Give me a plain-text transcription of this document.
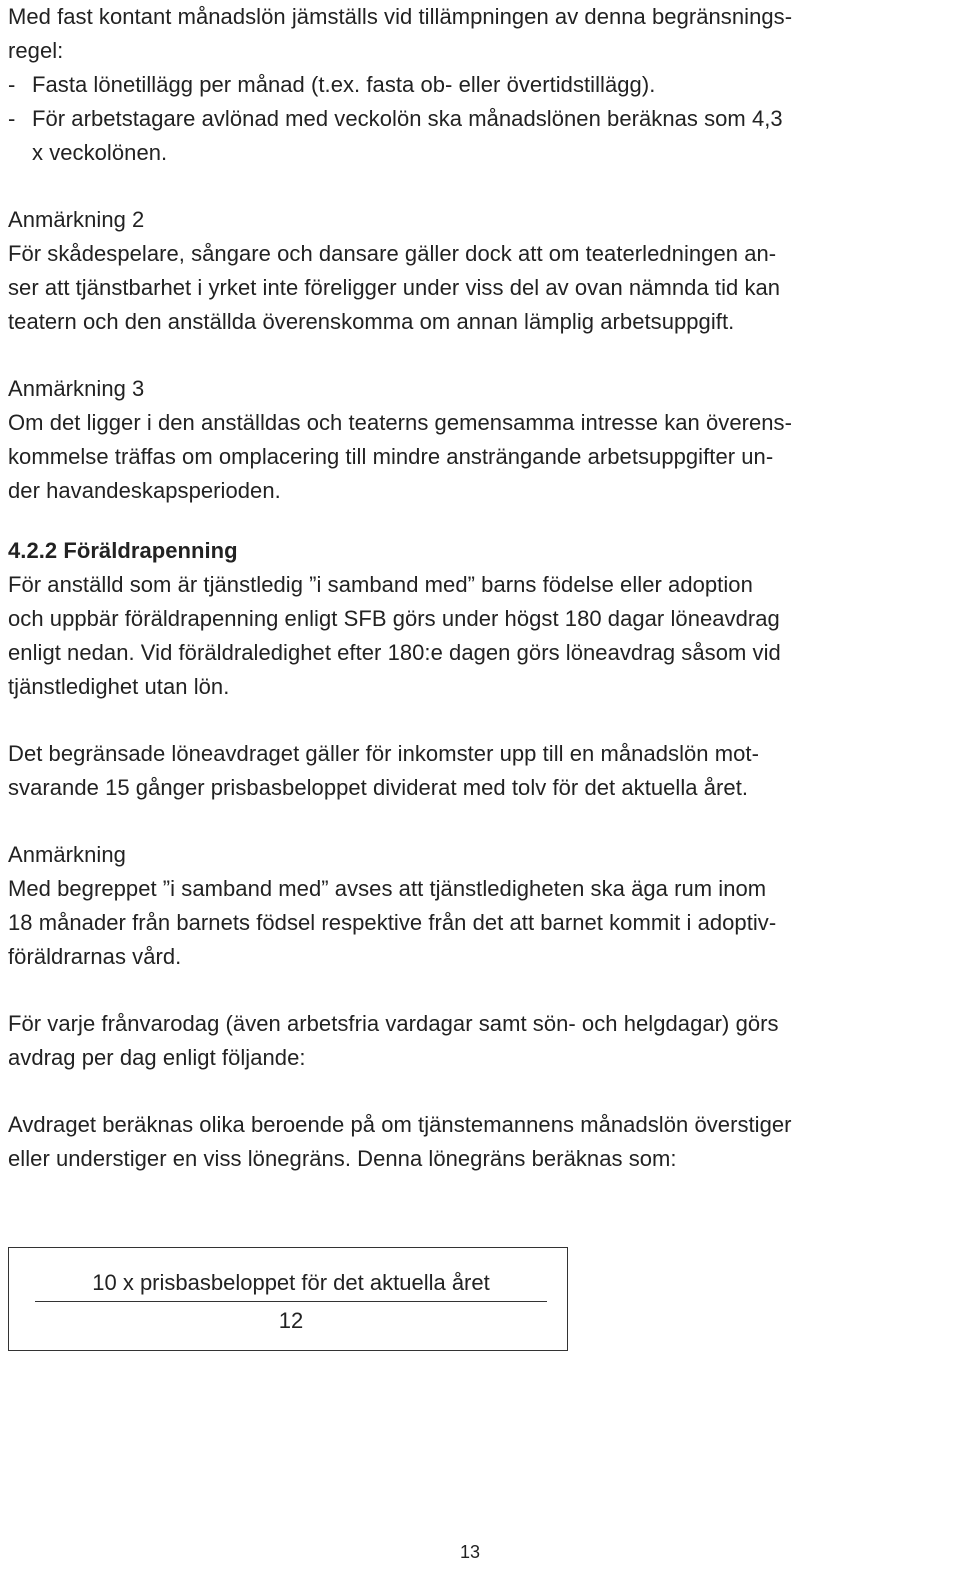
Med fast kontant månadslön jämställs vid tillämpningen av denna begränsnings-
regel:
- Fasta lönetillägg per månad (t.ex. fasta ob- eller övertidstillägg).
- För arbetstagare avlönad med veckolön ska månadslönen beräknas som 4,3
x veckolönen.
Anmärkning 2
För skådespelare, sångare och dansare gäller dock att om teaterledningen an-
ser att tjänstbarhet i yrket inte föreligger under viss del av ovan nämnda tid kan
teatern och den anställda överenskomma om annan lämplig arbetsuppgift.
Anmärkning 3
Om det ligger i den anställdas och teaterns gemensamma intresse kan överens-
kommelse träffas om omplacering till mindre ansträngande arbetsuppgifter un-
der havandeskapsperioden.
4.2.2 Föräldrapenning
För anställd som är tjänstledig ”i samband med” barns födelse eller adoption
och uppbär föräldrapenning enligt SFB görs under högst 180 dagar löneavdrag
enligt nedan. Vid föräldraledighet efter 180:e dagen görs löneavdrag såsom vid
tjänstledighet utan lön.
Det begränsade löneavdraget gäller för inkomster upp till en månadslön mot-
svarande 15 gånger prisbasbeloppet dividerat med tolv för det aktuella året.
Anmärkning
Med begreppet ”i samband med” avses att tjänstledigheten ska äga rum inom
18 månader från barnets födsel respektive från det att barnet kommit i adoptiv-
föräldrarnas vård.
För varje frånvarodag (även arbetsfria vardagar samt sön- och helgdagar) görs
avdrag per dag enligt följande:
Avdraget beräknas olika beroende på om tjänstemannens månadslön överstiger
eller understiger en viss lönegräns. Denna lönegräns beräknas som:
10 x prisbasbeloppet för det aktuella året
12
13
